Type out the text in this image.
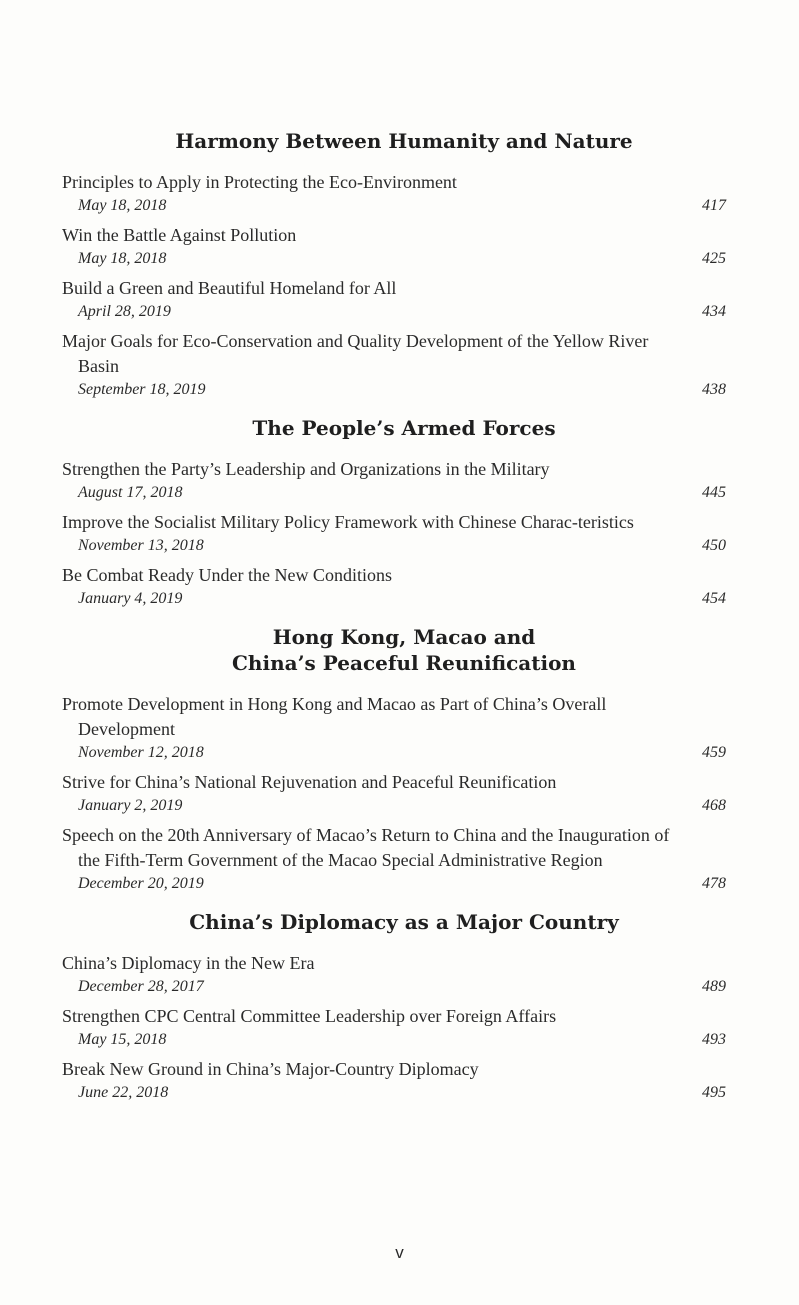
Harmony Between Humanity and Nature
Principles to Apply in Protecting the Eco-Environment
May 18, 2018	417
Win the Battle Against Pollution
May 18, 2018	425
Build a Green and Beautiful Homeland for All
April 28, 2019	434
Major Goals for Eco-Conservation and Quality Development of the Yellow River Basin
September 18, 2019	438
The People’s Armed Forces
Strengthen the Party’s Leadership and Organizations in the Military
August 17, 2018	445
Improve the Socialist Military Policy Framework with Chinese Charac-teristics
November 13, 2018	450
Be Combat Ready Under the New Conditions
January 4, 2019	454
Hong Kong, Macao and
China’s Peaceful Reunification
Promote Development in Hong Kong and Macao as Part of China’s Overall Development
November 12, 2018	459
Strive for China’s National Rejuvenation and Peaceful Reunification
January 2, 2019	468
Speech on the 20th Anniversary of Macao’s Return to China and the Inauguration of the Fifth-Term Government of the Macao Special Administrative Region
December 20, 2019	478
China’s Diplomacy as a Major Country
China’s Diplomacy in the New Era
December 28, 2017	489
Strengthen CPC Central Committee Leadership over Foreign Affairs
May 15, 2018	493
Break New Ground in China’s Major-Country Diplomacy
June 22, 2018	495
v
